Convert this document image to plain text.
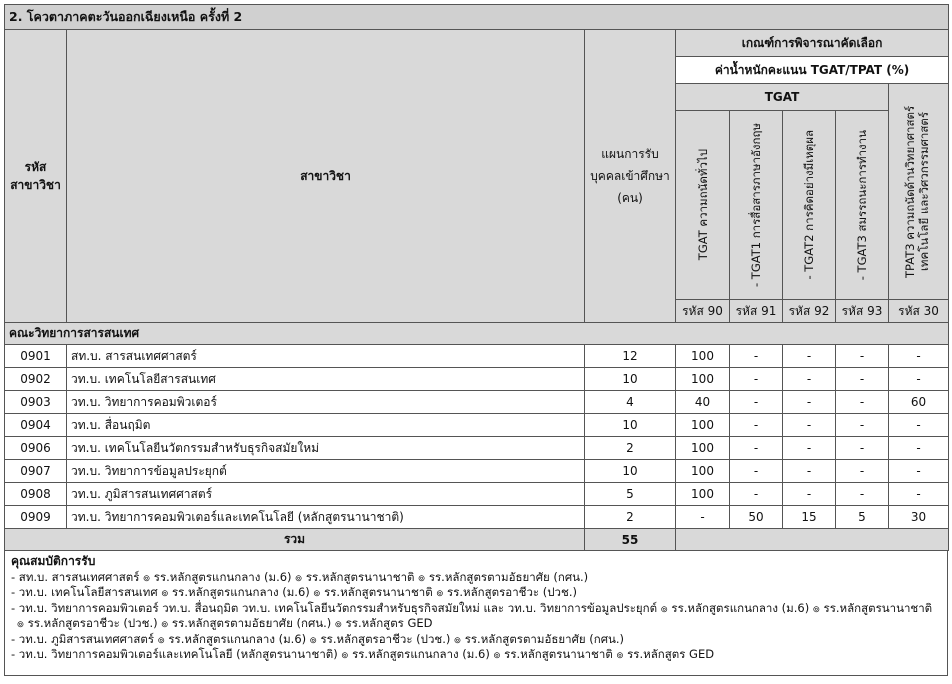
2. โควตาภาคตะวันออกเฉียงเหนือ ครั้งที่ 2							
รหัส สาขาวิชา	สาขาวิชา	แผนการรับ บุคคลเข้าศึกษา (คน)	เกณฑ์การพิจารณาคัดเลือก				
			ค่าน้ำหนักคะแนน TGAT/TPAT (%)				
			TGAT				TPAT3 ความถนัดด้านวิทยาศาสตร์ เทคโนโลยี และวิศวกรรมศาสตร์

			TGAT ความถนัดทั่วไป	- TGAT1 การสื่อสารภาษาอังกฤษ	- TGAT2 การคิดอย่างมีเหตุผล	- TGAT3 สมรรถนะการทำงาน	

			รหัส 90	รหัส 91	รหัส 92	รหัส 93	รหัส 30
คณะวิทยาการสารสนเทศ							
0901	สท.บ. สารสนเทศศาสตร์	12	100	-	-	-	-
0902	วท.บ. เทคโนโลยีสารสนเทศ	10	100	-	-	-	-
0903	วท.บ. วิทยาการคอมพิวเตอร์	4	40	-	-	-	60
0904	วท.บ. สื่อนฤมิต	10	100	-	-	-	-
0906	วท.บ. เทคโนโลยีนวัตกรรมสำหรับธุรกิจสมัยใหม่	2	100	-	-	-	-
0907	วท.บ. วิทยาการข้อมูลประยุกต์	10	100	-	-	-	-
0908	วท.บ. ภูมิสารสนเทศศาสตร์	5	100	-	-	-	-
0909	วท.บ. วิทยาการคอมพิวเตอร์และเทคโนโลยี (หลักสูตรนานาชาติ)	2	-	50	15	5	30
รวม		55					
คุณสมบัติการรับ
- สท.บ. สารสนเทศศาสตร์ ๏ รร.หลักสูตรแกนกลาง (ม.6) ๏ รร.หลักสูตรนานาชาติ ๏ รร.หลักสูตรตามอัธยาศัย (กศน.)
- วท.บ. เทคโนโลยีสารสนเทศ ๏ รร.หลักสูตรแกนกลาง (ม.6) ๏ รร.หลักสูตรนานาชาติ ๏ รร.หลักสูตรอาชีวะ (ปวช.)
- วท.บ. วิทยาการคอมพิวเตอร์ วท.บ. สื่อนฤมิต วท.บ. เทคโนโลยีนวัตกรรมสำหรับธุรกิจสมัยใหม่ และ วท.บ. วิทยาการข้อมูลประยุกต์ ๏ รร.หลักสูตรแกนกลาง (ม.6) ๏ รร.หลักสูตรนานาชาติ
๏ รร.หลักสูตรอาชีวะ (ปวช.) ๏ รร.หลักสูตรตามอัธยาศัย (กศน.) ๏ รร.หลักสูตร GED
- วท.บ. ภูมิสารสนเทศศาสตร์ ๏ รร.หลักสูตรแกนกลาง (ม.6) ๏ รร.หลักสูตรอาชีวะ (ปวช.) ๏ รร.หลักสูตรตามอัธยาศัย (กศน.)
- วท.บ. วิทยาการคอมพิวเตอร์และเทคโนโลยี (หลักสูตรนานาชาติ) ๏ รร.หลักสูตรแกนกลาง (ม.6) ๏ รร.หลักสูตรนานาชาติ ๏ รร.หลักสูตร GED
